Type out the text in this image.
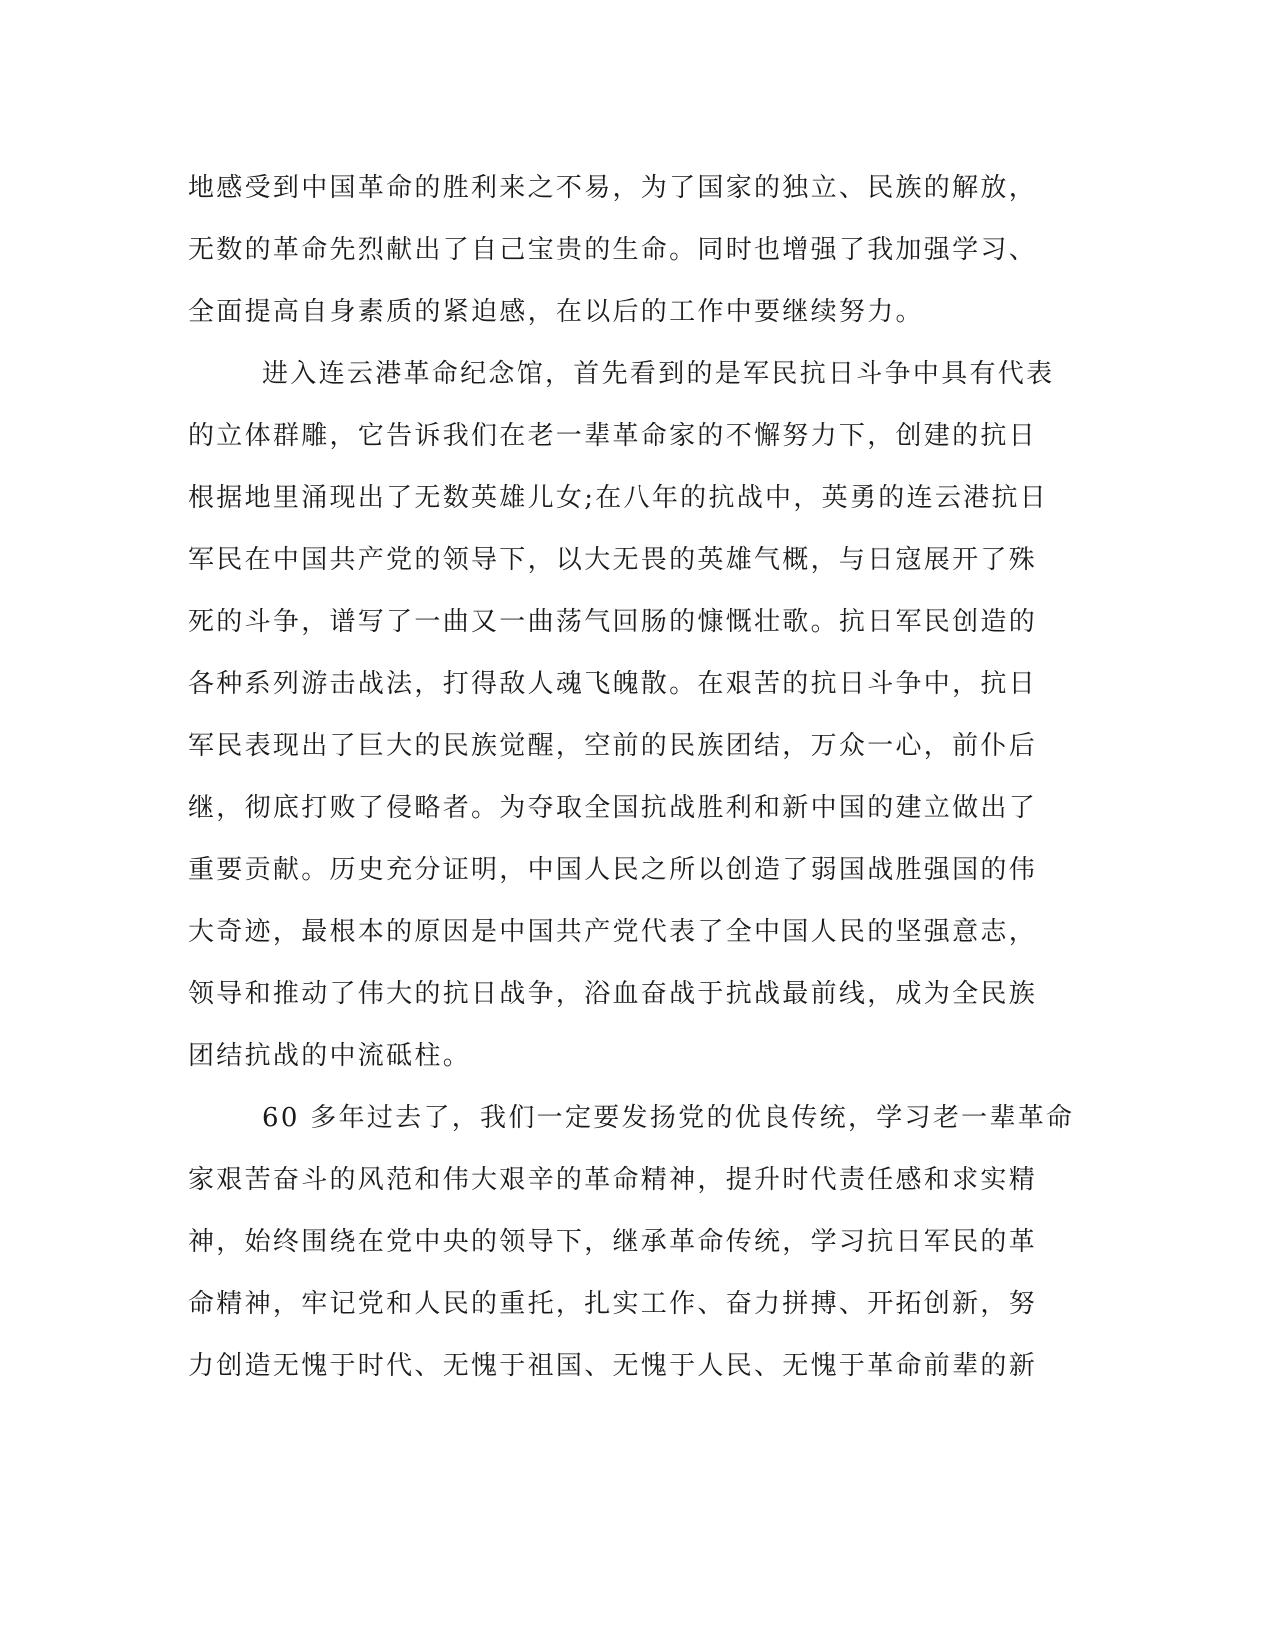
地感受到中国革命的胜利来之不易，为了国家的独立、民族的解放，
无数的革命先烈献出了自己宝贵的生命。同时也增强了我加强学习、
全面提高自身素质的紧迫感，在以后的工作中要继续努力。
进入连云港革命纪念馆，首先看到的是军民抗日斗争中具有代表
的立体群雕，它告诉我们在老一辈革命家的不懈努力下，创建的抗日
根据地里涌现出了无数英雄儿女;在八年的抗战中，英勇的连云港抗日
军民在中国共产党的领导下，以大无畏的英雄气概，与日寇展开了殊
死的斗争，谱写了一曲又一曲荡气回肠的慷慨壮歌。抗日军民创造的
各种系列游击战法，打得敌人魂飞魄散。在艰苦的抗日斗争中，抗日
军民表现出了巨大的民族觉醒，空前的民族团结，万众一心，前仆后
继，彻底打败了侵略者。为夺取全国抗战胜利和新中国的建立做出了
重要贡献。历史充分证明，中国人民之所以创造了弱国战胜强国的伟
大奇迹，最根本的原因是中国共产党代表了全中国人民的坚强意志，
领导和推动了伟大的抗日战争，浴血奋战于抗战最前线，成为全民族
团结抗战的中流砥柱。
60 多年过去了，我们一定要发扬党的优良传统，学习老一辈革命
家艰苦奋斗的风范和伟大艰辛的革命精神，提升时代责任感和求实精
神，始终围绕在党中央的领导下，继承革命传统，学习抗日军民的革
命精神，牢记党和人民的重托，扎实工作、奋力拼搏、开拓创新，努
力创造无愧于时代、无愧于祖国、无愧于人民、无愧于革命前辈的新
